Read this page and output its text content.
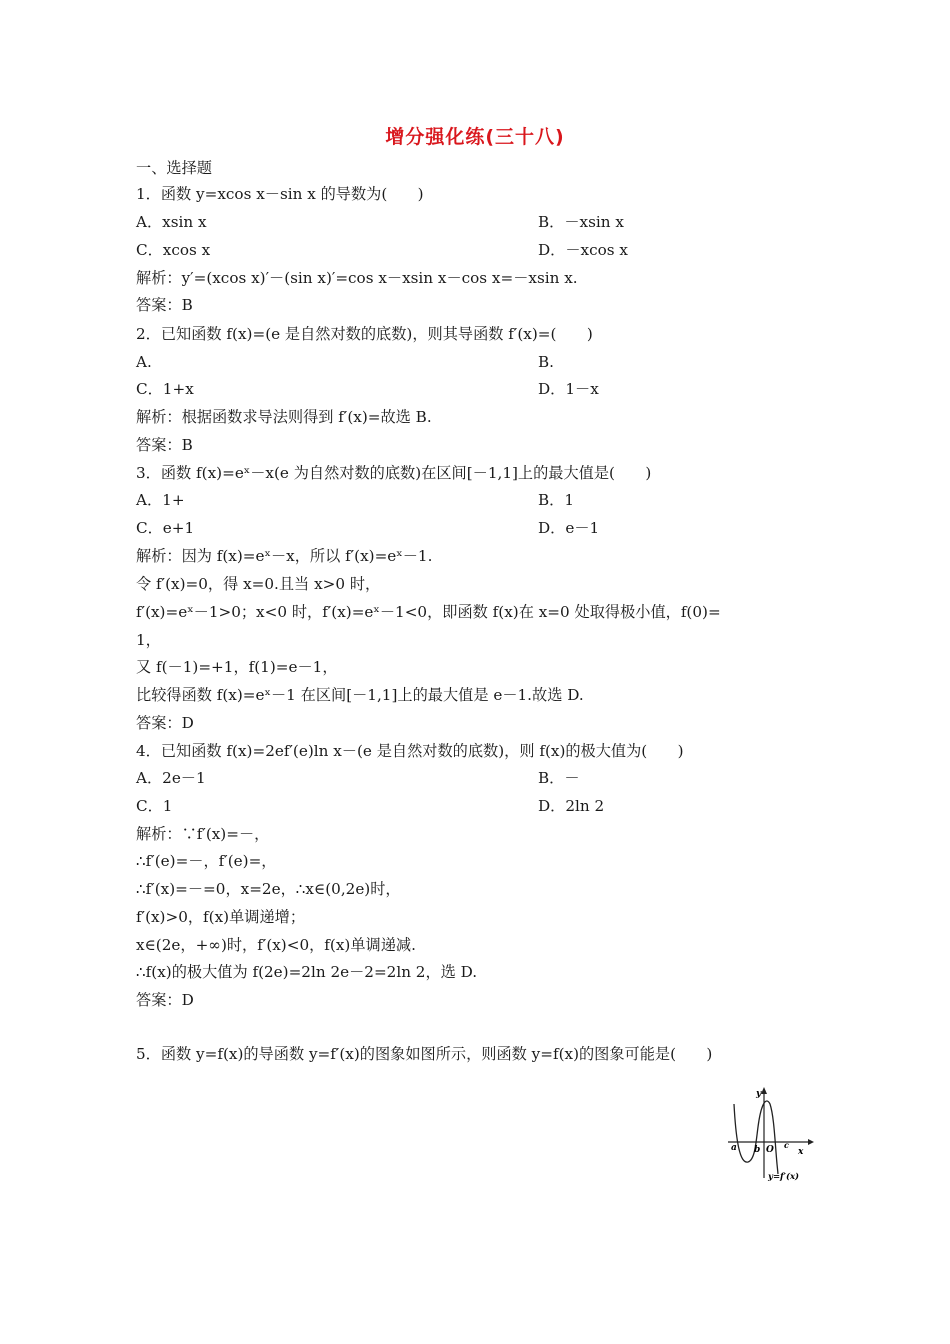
增分强化练(三十八)
一、选择题
1．函数 y=xcos x－sin x 的导数为(　　)
A．xsin x	B．－xsin x
C．xcos x	D．－xcos x
解析：y′=(xcos x)′－(sin x)′=cos x－xsin x－cos x=－xsin x.
答案：B
2．已知函数 f(x)=(e 是自然对数的底数)，则其导函数 f′(x)=(　　)
A.	B.
C．1+x	D．1－x
解析：根据函数求导法则得到 f′(x)=故选 B.
答案：B
3．函数 f(x)=eˣ－x(e 为自然对数的底数)在区间[－1,1]上的最大值是(　　)
A．1+	B．1
C．e+1	D．e－1
解析：因为 f(x)=eˣ－x，所以 f′(x)=eˣ－1.
令 f′(x)=0，得 x=0.且当 x>0 时，
f′(x)=eˣ－1>0；x<0 时，f′(x)=eˣ－1<0，即函数 f(x)在 x=0 处取得极小值，f(0)=
1，
又 f(－1)=+1，f(1)=e－1，
比较得函数 f(x)=eˣ－1 在区间[－1,1]上的最大值是 e－1.故选 D.
答案：D
4．已知函数 f(x)=2ef′(e)ln x－(e 是自然对数的底数)，则 f(x)的极大值为(　　)
A．2e－1	B．－
C．1	D．2ln 2
解析：∵f′(x)=－，
∴f′(e)=－，f′(e)=，
∴f′(x)=－=0，x=2e，∴x∈(0,2e)时，
f′(x)>0，f(x)单调递增；
x∈(2e，+∞)时，f′(x)<0，f(x)单调递减.
∴f(x)的极大值为 f(2e)=2ln 2e－2=2ln 2，选 D.
答案：D
5．函数 y=f(x)的导函数 y=f′(x)的图象如图所示，则函数 y=f(x)的图象可能是(　　)
a b O c
x
y
y=f′(x)
